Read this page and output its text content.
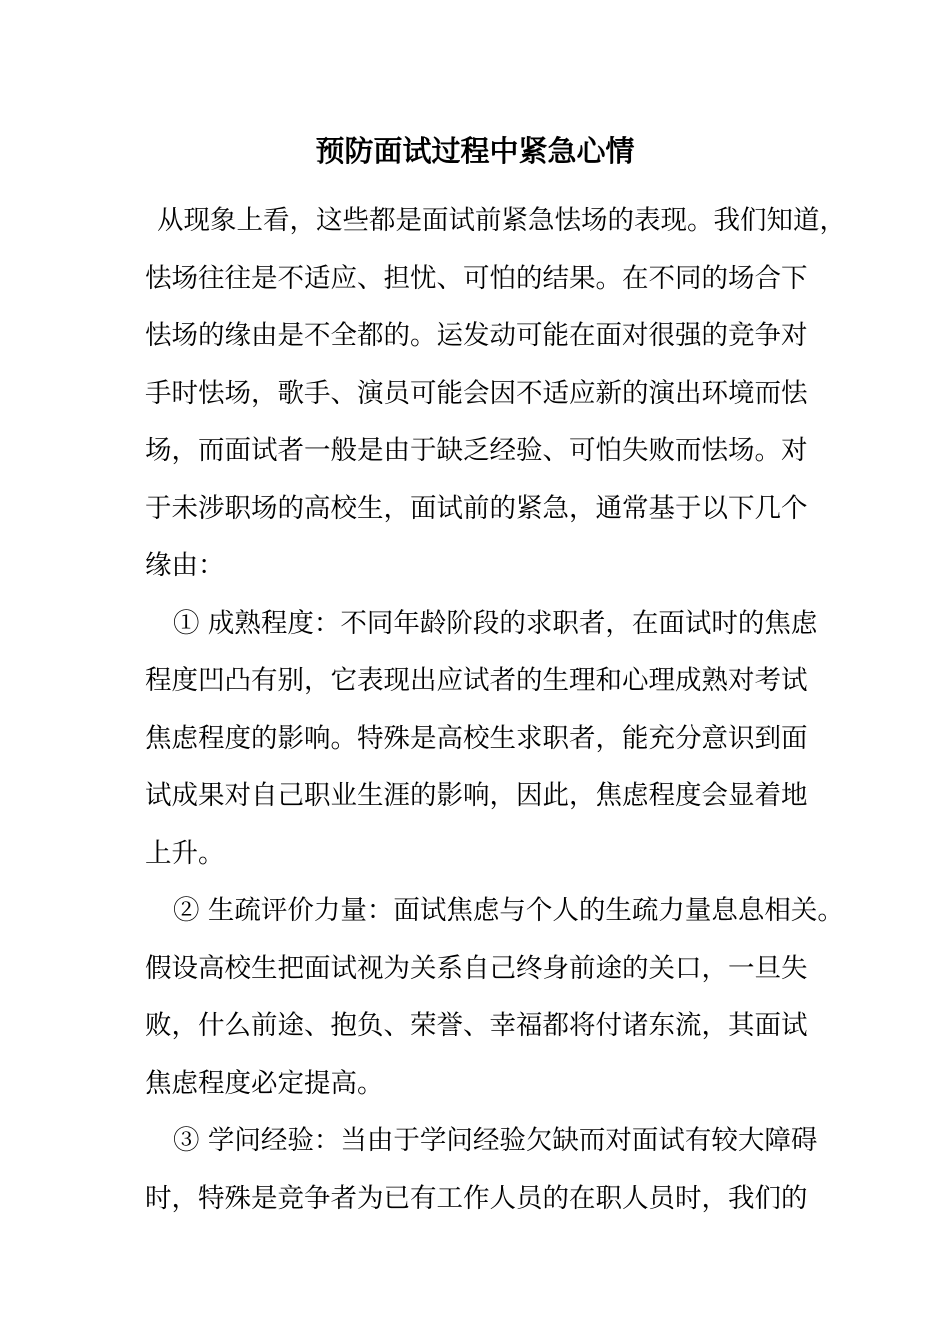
预防面试过程中紧急心情
从现象上看，这些都是面试前紧急怯场的表现。我们知道，
怯场往往是不适应、担忧、可怕的结果。在不同的场合下
怯场的缘由是不全都的。运发动可能在面对很强的竞争对
手时怯场，歌手、演员可能会因不适应新的演出环境而怯
场，而面试者一般是由于缺乏经验、可怕失败而怯场。对
于未涉职场的高校生，面试前的紧急，通常基于以下几个
缘由：
① 成熟程度：不同年龄阶段的求职者，在面试时的焦虑
程度凹凸有别，它表现出应试者的生理和心理成熟对考试
焦虑程度的影响。特殊是高校生求职者，能充分意识到面
试成果对自己职业生涯的影响，因此，焦虑程度会显着地
上升。
② 生疏评价力量：面试焦虑与个人的生疏力量息息相关。
假设高校生把面试视为关系自己终身前途的关口，一旦失
败，什么前途、抱负、荣誉、幸福都将付诸东流，其面试
焦虑程度必定提高。
③ 学问经验：当由于学问经验欠缺而对面试有较大障碍
时，特殊是竞争者为已有工作人员的在职人员时，我们的
